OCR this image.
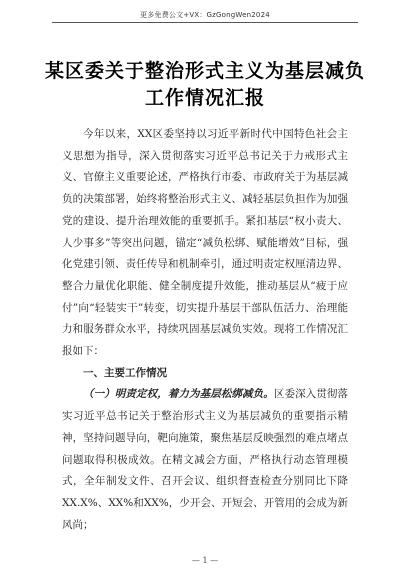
更多免费公文+VX：GzGongWen2024
某区委关于整治形式主义为基层减负
工作情况汇报

今年以来，XX区委坚持以习近平新时代中国特色社会主义思想为指导，深入贯彻落实习近平总书记关于力戒形式主义、官僚主义重要论述，严格执行市委、市政府关于为基层减负的决策部署，始终将整治形式主义、减轻基层负担作为加强党的建设、提升治理效能的重要抓手。紧扣基层“权小责大、人少事多”等突出问题，锚定“减负松绑、赋能增效”目标，强化党建引领、责任传导和机制牵引，通过明责定权厘清边界、整合力量优化职能、健全制度提升效能，推动基层从“疲于应付”向“轻装实干”转变，切实提升基层干部队伍活力、治理能力和服务群众水平，持续巩固基层减负实效。现将工作情况汇报如下：

一、主要工作情况

（一）明责定权，着力为基层松绑减负。区委深入贯彻落实习近平总书记关于整治形式主义为基层减负的重要指示精神，坚持问题导向，靶向施策，聚焦基层反映强烈的难点堵点问题取得积极成效。在精文减会方面，严格执行动态管理模式，全年制发文件、召开会议、组织督查检查分别同比下降XX.X%、XX%和XX%，少开会、开短会、开管用的会成为新风尚；

— 1 —
